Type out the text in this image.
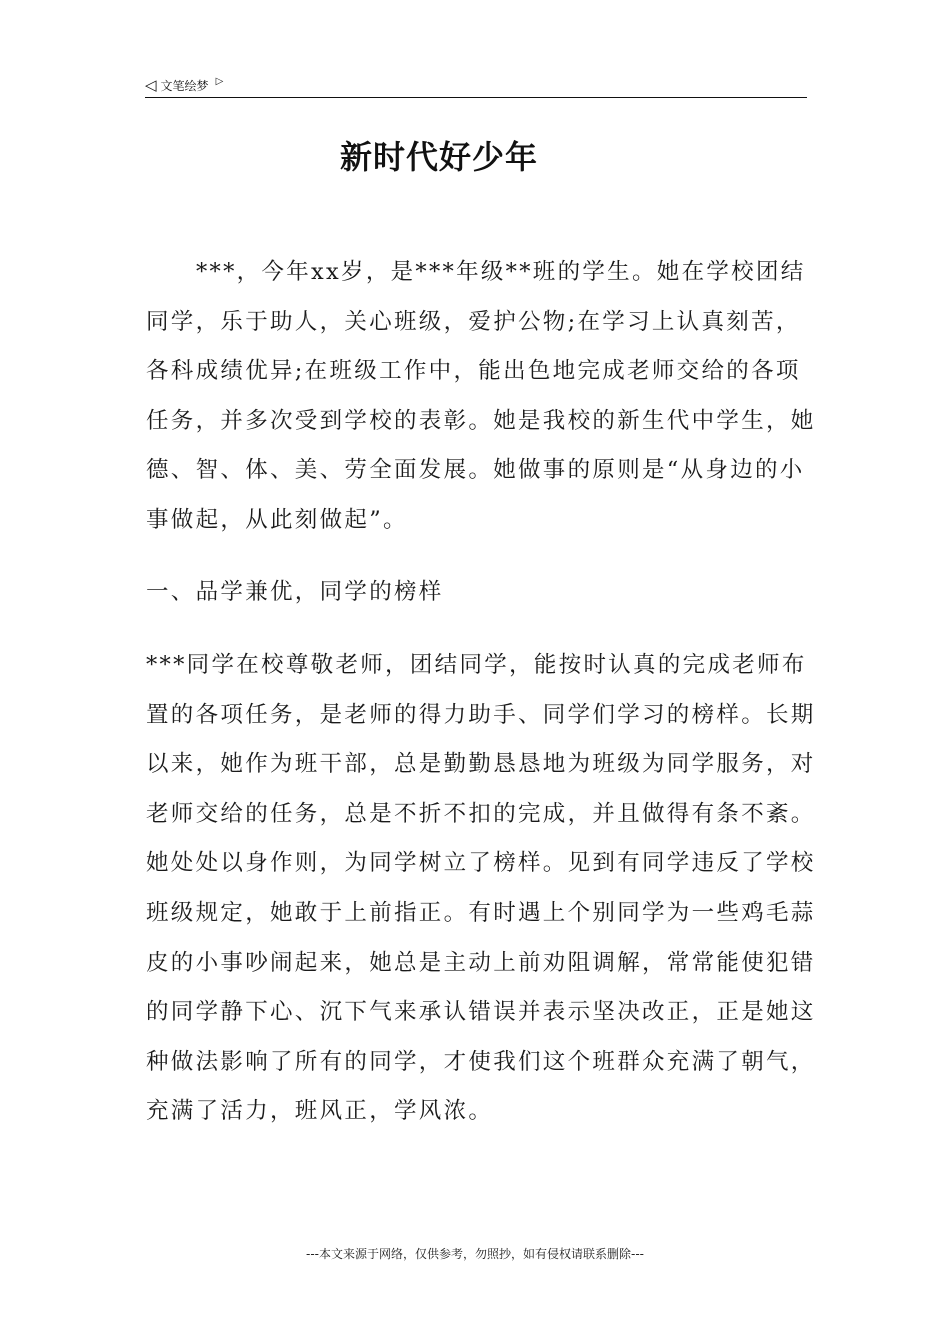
◁ 文笔绘梦 ▷
新时代好少年
***，今年xx岁，是***年级**班的学生。她在学校团结同学，乐于助人，关心班级，爱护公物;在学习上认真刻苦，各科成绩优异;在班级工作中，能出色地完成老师交给的各项任务，并多次受到学校的表彰。她是我校的新生代中学生，她德、智、体、美、劳全面发展。她做事的原则是“从身边的小事做起，从此刻做起”。
一、品学兼优，同学的榜样
***同学在校尊敬老师，团结同学，能按时认真的完成老师布置的各项任务，是老师的得力助手、同学们学习的榜样。长期以来，她作为班干部，总是勤勤恳恳地为班级为同学服务，对老师交给的任务，总是不折不扣的完成，并且做得有条不紊。她处处以身作则，为同学树立了榜样。见到有同学违反了学校班级规定，她敢于上前指正。有时遇上个别同学为一些鸡毛蒜皮的小事吵闹起来，她总是主动上前劝阻调解，常常能使犯错的同学静下心、沉下气来承认错误并表示坚决改正，正是她这种做法影响了所有的同学，才使我们这个班群众充满了朝气，充满了活力，班风正，学风浓。
---本文来源于网络，仅供参考，勿照抄，如有侵权请联系删除---
